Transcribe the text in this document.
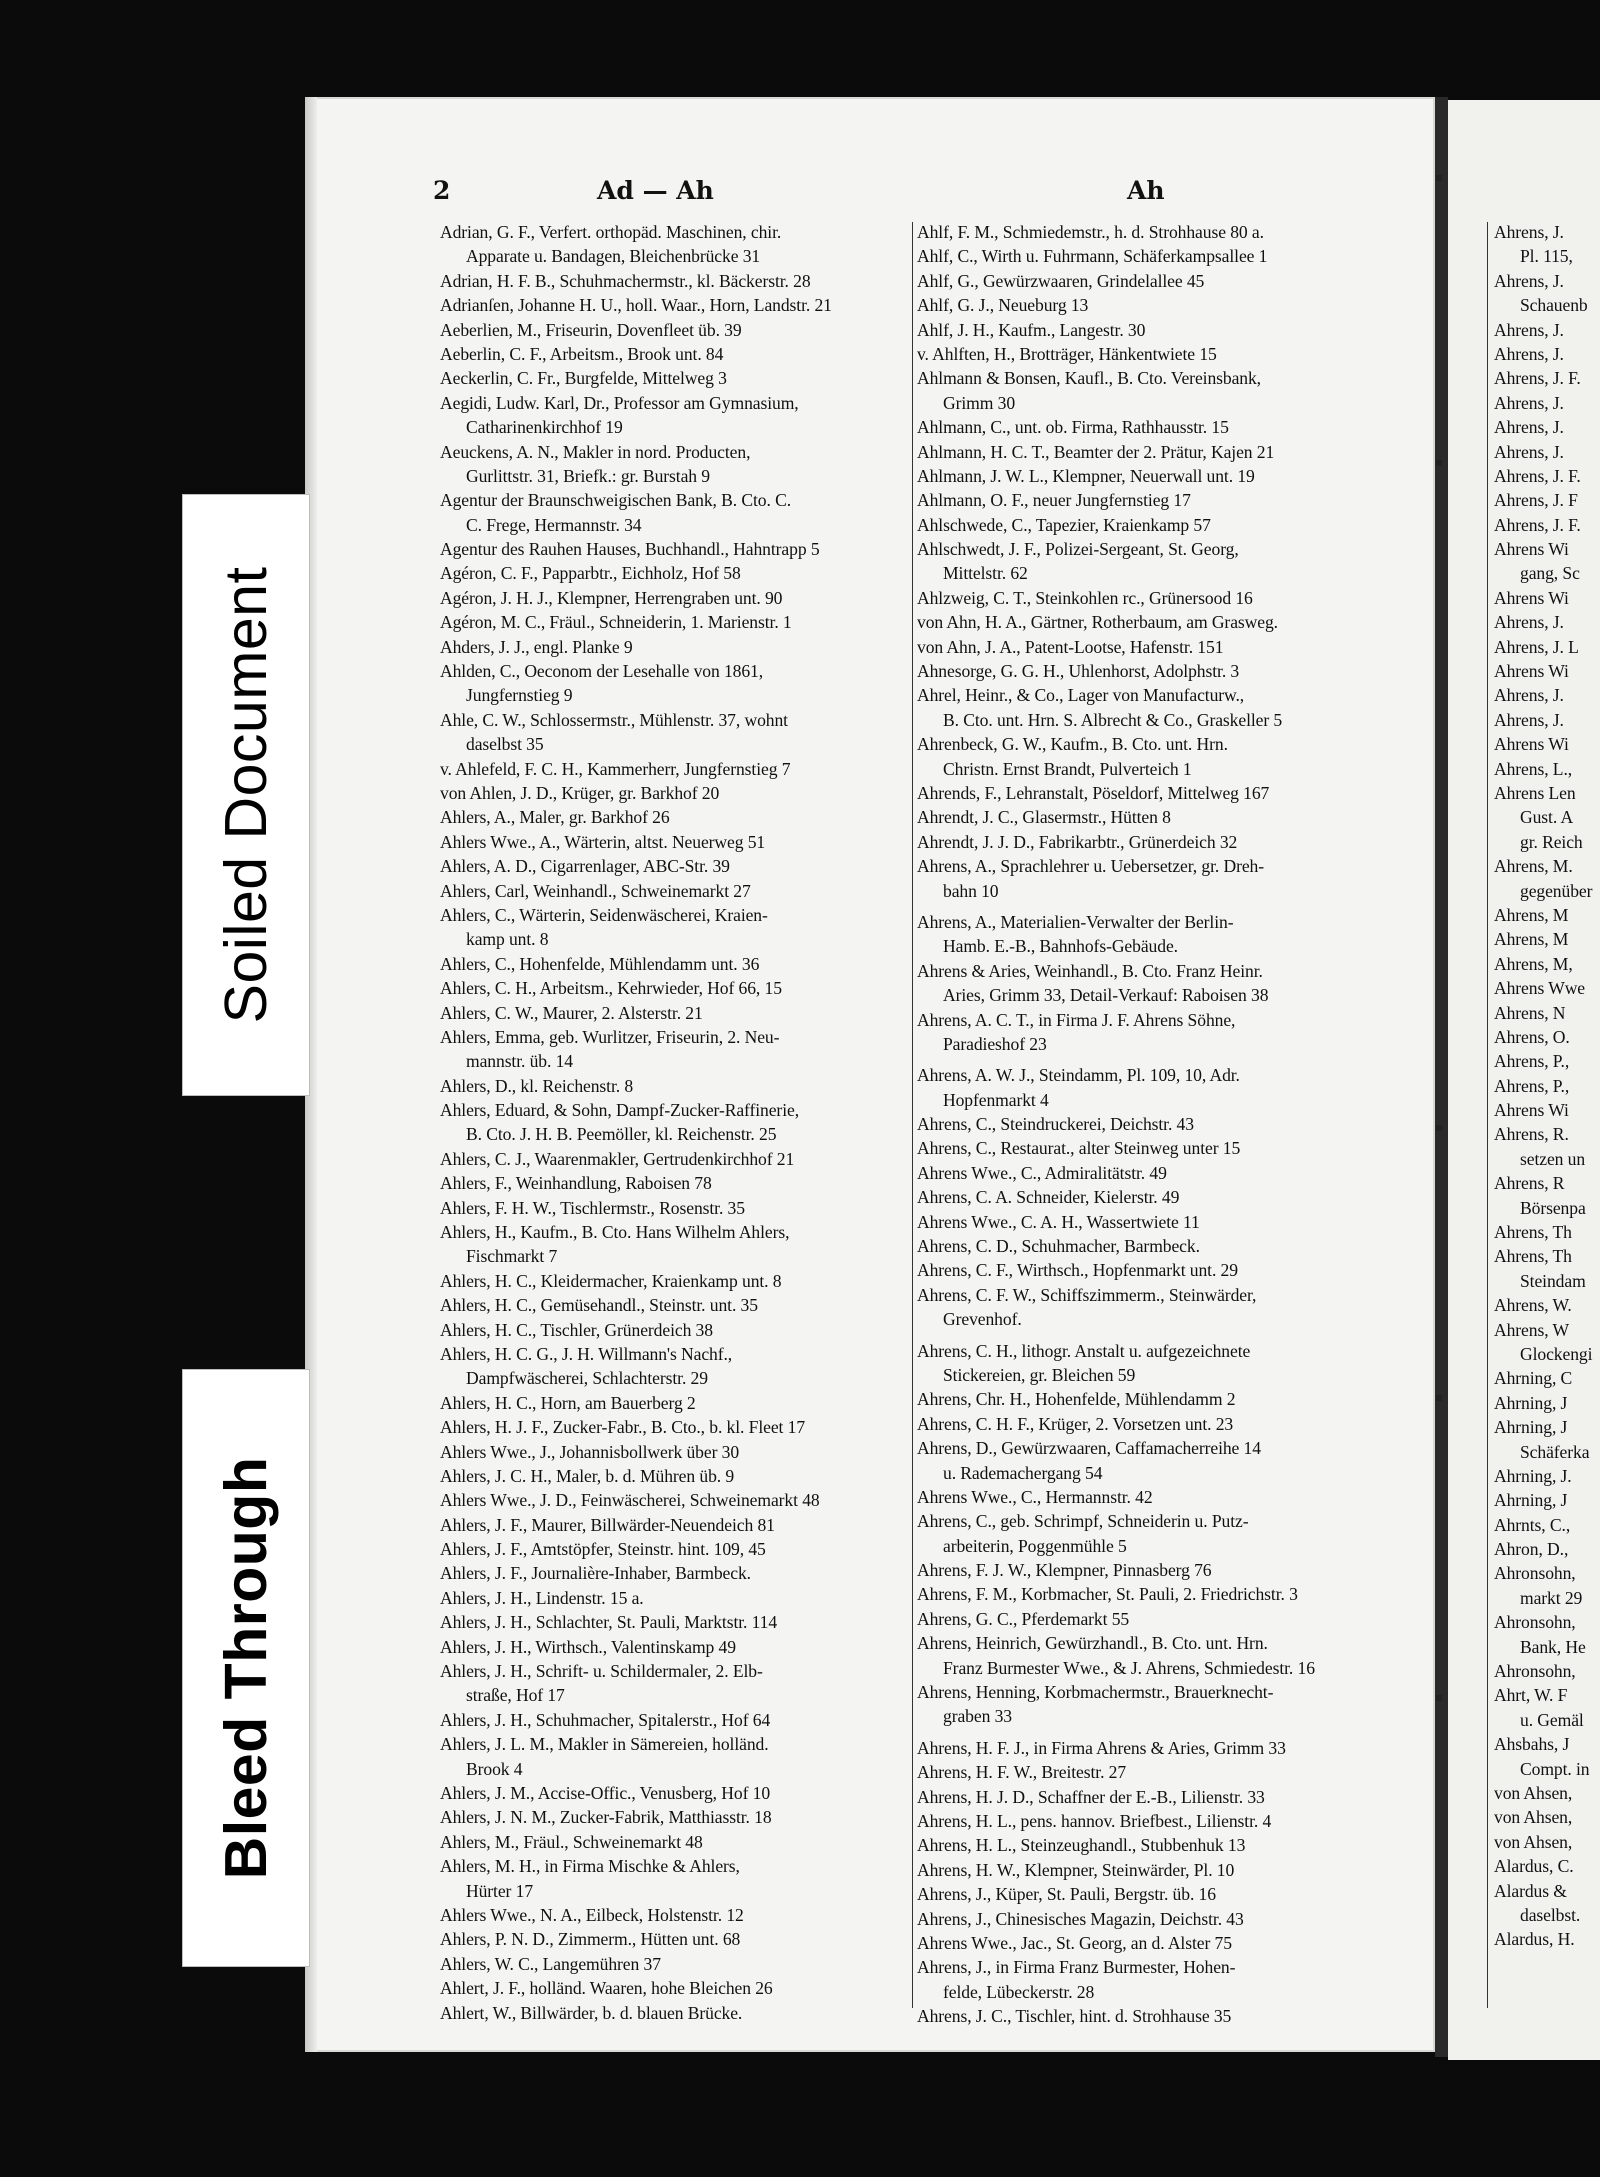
2	Ad — Ah	Ah
Adrian, G. F., Verfert. orthopäd. Maschinen, chir.
Apparate u. Bandagen, Bleichenbrücke 31
Adrian, H. F. B., Schuhmachermstr., kl. Bäckerstr. 28
Adrianſen, Johanne H. U., holl. Waar., Horn, Landstr. 21
Aeberlien, M., Friseurin, Dovenfleet üb. 39
Aeberlin, C. F., Arbeitsm., Brook unt. 84
Aeckerlin, C. Fr., Burgfelde, Mittelweg 3
Aegidi, Ludw. Karl, Dr., Professor am Gymnasium,
Catharinenkirchhof 19
Aeuckens, A. N., Makler in nord. Producten,
Gurlittstr. 31, Briefk.: gr. Burstah 9
Agentur der Braunschweigischen Bank, B. Cto. C.
C. Frege, Hermannstr. 34
Agentur des Rauhen Hauses, Buchhandl., Hahntrapp 5
Agéron, C. F., Papparbtr., Eichholz, Hof 58
Agéron, J. H. J., Klempner, Herrengraben unt. 90
Agéron, M. C., Fräul., Schneiderin, 1. Marienstr. 1
Ahders, J. J., engl. Planke 9
Ahlden, C., Oeconom der Lesehalle von 1861,
Jungfernstieg 9
Ahle, C. W., Schlossermstr., Mühlenstr. 37, wohnt
daselbst 35
v. Ahlefeld, F. C. H., Kammerherr, Jungfernstieg 7
von Ahlen, J. D., Krüger, gr. Barkhof 20
Ahlers, A., Maler, gr. Barkhof 26
Ahlers Wwe., A., Wärterin, altst. Neuerweg 51
Ahlers, A. D., Cigarrenlager, ABC-Str. 39
Ahlers, Carl, Weinhandl., Schweinemarkt 27
Ahlers, C., Wärterin, Seidenwäscherei, Kraien-
kamp unt. 8
Ahlers, C., Hohenfelde, Mühlendamm unt. 36
Ahlers, C. H., Arbeitsm., Kehrwieder, Hof 66, 15
Ahlers, C. W., Maurer, 2. Alsterstr. 21
Ahlers, Emma, geb. Wurlitzer, Friseurin, 2. Neu-
mannstr. üb. 14
Ahlers, D., kl. Reichenstr. 8
Ahlers, Eduard, & Sohn, Dampf-Zucker-Raffinerie,
B. Cto. J. H. B. Peemöller, kl. Reichenstr. 25
Ahlers, C. J., Waarenmakler, Gertrudenkirchhof 21
Ahlers, F., Weinhandlung, Raboisen 78
Ahlers, F. H. W., Tischlermstr., Rosenstr. 35
Ahlers, H., Kaufm., B. Cto. Hans Wilhelm Ahlers,
Fischmarkt 7
Ahlers, H. C., Kleidermacher, Kraienkamp unt. 8
Ahlers, H. C., Gemüsehandl., Steinstr. unt. 35
Ahlers, H. C., Tischler, Grünerdeich 38
Ahlers, H. C. G., J. H. Willmann's Nachf.,
Dampfwäscherei, Schlachterstr. 29
Ahlers, H. C., Horn, am Bauerberg 2
Ahlers, H. J. F., Zucker-Fabr., B. Cto., b. kl. Fleet 17
Ahlers Wwe., J., Johannisbollwerk über 30
Ahlers, J. C. H., Maler, b. d. Mühren üb. 9
Ahlers Wwe., J. D., Feinwäscherei, Schweinemarkt 48
Ahlers, J. F., Maurer, Billwärder-Neuendeich 81
Ahlers, J. F., Amtstöpfer, Steinstr. hint. 109, 45
Ahlers, J. F., Journalière-Inhaber, Barmbeck.
Ahlers, J. H., Lindenstr. 15 a.
Ahlers, J. H., Schlachter, St. Pauli, Marktstr. 114
Ahlers, J. H., Wirthsch., Valentinskamp 49
Ahlers, J. H., Schrift- u. Schildermaler, 2. Elb-
straße, Hof 17
Ahlers, J. H., Schuhmacher, Spitalerstr., Hof 64
Ahlers, J. L. M., Makler in Sämereien, holländ.
Brook 4
Ahlers, J. M., Accise-Offic., Venusberg, Hof 10
Ahlers, J. N. M., Zucker-Fabrik, Matthiasstr. 18
Ahlers, M., Fräul., Schweinemarkt 48
Ahlers, M. H., in Firma Mischke & Ahlers,
Hürter 17
Ahlers Wwe., N. A., Eilbeck, Holstenstr. 12
Ahlers, P. N. D., Zimmerm., Hütten unt. 68
Ahlers, W. C., Langemühren 37
Ahlert, J. F., holländ. Waaren, hohe Bleichen 26
Ahlert, W., Billwärder, b. d. blauen Brücke.
Ahlf, F. M., Schmiedemstr., h. d. Strohhause 80 a.
Ahlf, C., Wirth u. Fuhrmann, Schäferkampsallee 1
Ahlf, G., Gewürzwaaren, Grindelallee 45
Ahlf, G. J., Neueburg 13
Ahlf, J. H., Kaufm., Langestr. 30
v. Ahlften, H., Brotträger, Hänkentwiete 15
Ahlmann & Bonsen, Kaufl., B. Cto. Vereinsbank,
Grimm 30
Ahlmann, C., unt. ob. Firma, Rathhausstr. 15
Ahlmann, H. C. T., Beamter der 2. Prätur, Kajen 21
Ahlmann, J. W. L., Klempner, Neuerwall unt. 19
Ahlmann, O. F., neuer Jungfernstieg 17
Ahlschwede, C., Tapezier, Kraienkamp 57
Ahlschwedt, J. F., Polizei-Sergeant, St. Georg,
Mittelstr. 62
Ahlzweig, C. T., Steinkohlen rc., Grünersood 16
von Ahn, H. A., Gärtner, Rotherbaum, am Grasweg.
von Ahn, J. A., Patent-Lootse, Hafenstr. 151
Ahnesorge, G. G. H., Uhlenhorst, Adolphstr. 3
Ahrel, Heinr., & Co., Lager von Manufacturw.,
B. Cto. unt. Hrn. S. Albrecht & Co., Graskeller 5
Ahrenbeck, G. W., Kaufm., B. Cto. unt. Hrn.
Christn. Ernst Brandt, Pulverteich 1
Ahrends, F., Lehranstalt, Pöseldorf, Mittelweg 167
Ahrendt, J. C., Glasermstr., Hütten 8
Ahrendt, J. J. D., Fabrikarbtr., Grünerdeich 32
Ahrens, A., Sprachlehrer u. Uebersetzer, gr. Dreh-
bahn 10
Ahrens, A., Materialien-Verwalter der Berlin-
Hamb. E.-B., Bahnhofs-Gebäude.
Ahrens & Aries, Weinhandl., B. Cto. Franz Heinr.
Aries, Grimm 33, Detail-Verkauf: Raboisen 38
Ahrens, A. C. T., in Firma J. F. Ahrens Söhne,
Paradieshof 23
Ahrens, A. W. J., Steindamm, Pl. 109, 10, Adr.
Hopfenmarkt 4
Ahrens, C., Steindruckerei, Deichstr. 43
Ahrens, C., Restaurat., alter Steinweg unter 15
Ahrens Wwe., C., Admiralitätstr. 49
Ahrens, C. A. Schneider, Kielerstr. 49
Ahrens Wwe., C. A. H., Wassertwiete 11
Ahrens, C. D., Schuhmacher, Barmbeck.
Ahrens, C. F., Wirthsch., Hopfenmarkt unt. 29
Ahrens, C. F. W., Schiffszimmerm., Steinwärder,
Grevenhof.
Ahrens, C. H., lithogr. Anstalt u. aufgezeichnete
Stickereien, gr. Bleichen 59
Ahrens, Chr. H., Hohenfelde, Mühlendamm 2
Ahrens, C. H. F., Krüger, 2. Vorsetzen unt. 23
Ahrens, D., Gewürzwaaren, Caffamacherreihe 14
u. Rademachergang 54
Ahrens Wwe., C., Hermannstr. 42
Ahrens, C., geb. Schrimpf, Schneiderin u. Putz-
arbeiterin, Poggenmühle 5
Ahrens, F. J. W., Klempner, Pinnasberg 76
Ahrens, F. M., Korbmacher, St. Pauli, 2. Friedrichstr. 3
Ahrens, G. C., Pferdemarkt 55
Ahrens, Heinrich, Gewürzhandl., B. Cto. unt. Hrn.
Franz Burmester Wwe., & J. Ahrens, Schmiedestr. 16
Ahrens, Henning, Korbmachermstr., Brauerknecht-
graben 33
Ahrens, H. F. J., in Firma Ahrens & Aries, Grimm 33
Ahrens, H. F. W., Breitestr. 27
Ahrens, H. J. D., Schaffner der E.-B., Lilienstr. 33
Ahrens, H. L., pens. hannov. Briefbest., Lilienstr. 4
Ahrens, H. L., Steinzeughandl., Stubbenhuk 13
Ahrens, H. W., Klempner, Steinwärder, Pl. 10
Ahrens, J., Küper, St. Pauli, Bergstr. üb. 16
Ahrens, J., Chinesisches Magazin, Deichstr. 43
Ahrens Wwe., Jac., St. Georg, an d. Alster 75
Ahrens, J., in Firma Franz Burmester, Hohen-
felde, Lübeckerstr. 28
Ahrens, J. C., Tischler, hint. d. Strohhause 35
Ahrens, J.
Pl. 115,
Ahrens, J.
Schauenb
Ahrens, J.
Ahrens, J.
Ahrens, J. F.
Ahrens, J.
Ahrens, J.
Ahrens, J.
Ahrens, J. F.
Ahrens, J. F
Ahrens, J. F.
Ahrens Wi
gang, Sc
Ahrens Wi
Ahrens, J.
Ahrens, J. L
Ahrens Wi
Ahrens, J.
Ahrens, J.
Ahrens Wi
Ahrens, L.,
Ahrens Len
Gust. A
gr. Reich
Ahrens, M.
gegenüber
Ahrens, M
Ahrens, M
Ahrens, M,
Ahrens Wwe
Ahrens, N
Ahrens, O.
Ahrens, P.,
Ahrens, P.,
Ahrens Wi
Ahrens, R.
setzen un
Ahrens, R
Börsenpa
Ahrens, Th
Ahrens, Th
Steindam
Ahrens, W.
Ahrens, W
Glockengi
Ahrning, C
Ahrning, J
Ahrning, J
Schäferka
Ahrning, J.
Ahrning, J
Ahrnts, C.,
Ahron, D.,
Ahronsohn,
markt 29
Ahronsohn,
Bank, He
Ahronsohn,
Ahrt, W. F
u. Gemäl
Ahsbahs, J
Compt. in
von Ahsen,
von Ahsen,
von Ahsen,
Alardus, C.
Alardus &
daselbst.
Alardus, H.
Soiled Document
Bleed Through
